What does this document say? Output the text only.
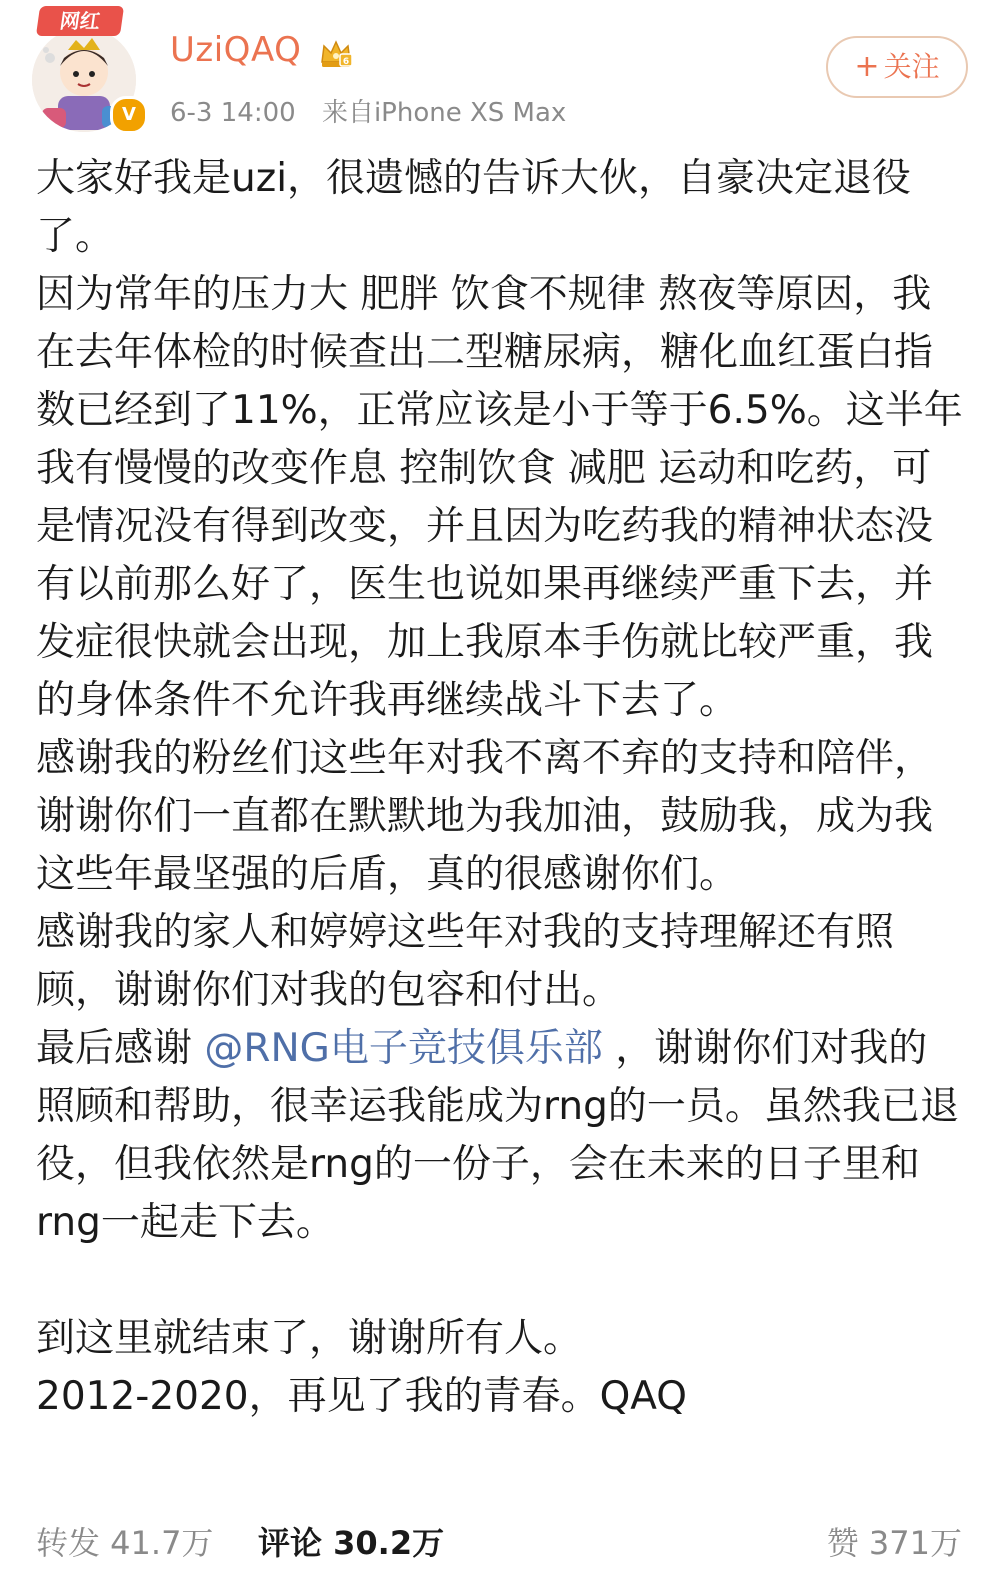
网红
V
UziQAQ	6
6-3 14:00 来自iPhone XS Max
+ 关注

大家好我是uzi，很遗憾的告诉大伙，自豪决定退役了。

因为常年的压力大 肥胖 饮食不规律 熬夜等原因，我在去年体检的时候查出二型糖尿病，糖化血红蛋白指数已经到了11%，正常应该是小于等于6.5%。这半年我有慢慢的改变作息 控制饮食 减肥 运动和吃药，可是情况没有得到改变，并且因为吃药我的精神状态没有以前那么好了，医生也说如果再继续严重下去，并发症很快就会出现，加上我原本手伤就比较严重，我的身体条件不允许我再继续战斗下去了。

感谢我的粉丝们这些年对我不离不弃的支持和陪伴，谢谢你们一直都在默默地为我加油，鼓励我，成为我这些年最坚强的后盾，真的很感谢你们。

感谢我的家人和婷婷这些年对我的支持理解还有照顾，谢谢你们对我的包容和付出。

最后感谢 @RNG电子竞技俱乐部 ，谢谢你们对我的照顾和帮助，很幸运我能成为rng的一员。虽然我已退役，但我依然是rng的一份子，会在未来的日子里和rng一起走下去。

到这里就结束了，谢谢所有人。

2012-2020，再见了我的青春。QAQ

转发 41.7万 评论 30.2万	赞 371万
